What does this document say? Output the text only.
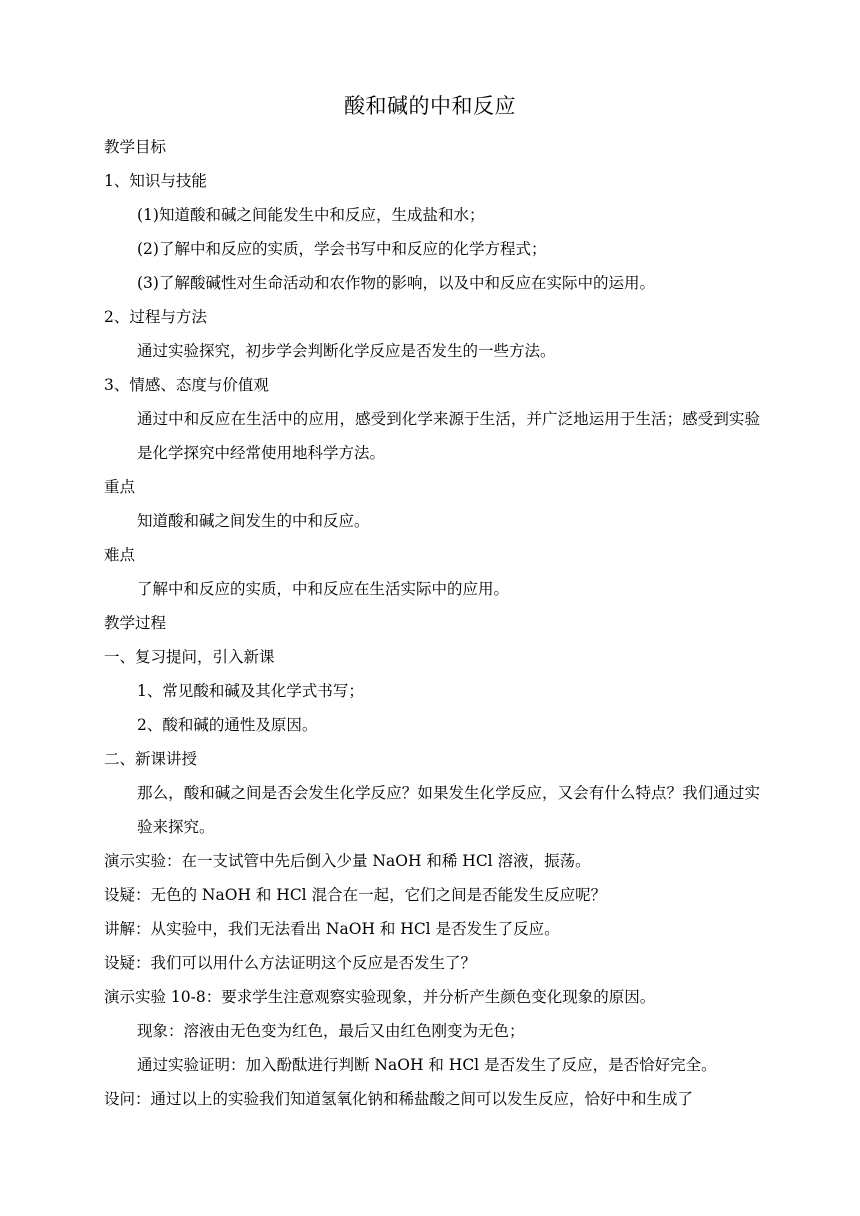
酸和碱的中和反应
教学目标
1、知识与技能
(1)知道酸和碱之间能发生中和反应，生成盐和水；
(2)了解中和反应的实质，学会书写中和反应的化学方程式；
(3)了解酸碱性对生命活动和农作物的影响，以及中和反应在实际中的运用。
2、过程与方法
通过实验探究，初步学会判断化学反应是否发生的一些方法。
3、情感、态度与价值观
通过中和反应在生活中的应用，感受到化学来源于生活，并广泛地运用于生活；感受到实验是化学探究中经常使用地科学方法。
重点
知道酸和碱之间发生的中和反应。
难点
了解中和反应的实质，中和反应在生活实际中的应用。
教学过程
一、复习提问，引入新课
1、常见酸和碱及其化学式书写；
2、酸和碱的通性及原因。
二、新课讲授
那么，酸和碱之间是否会发生化学反应？如果发生化学反应，又会有什么特点？我们通过实验来探究。
演示实验：在一支试管中先后倒入少量 NaOH 和稀 HCl 溶液，振荡。
设疑：无色的 NaOH 和 HCl 混合在一起，它们之间是否能发生反应呢？
讲解：从实验中，我们无法看出 NaOH 和 HCl 是否发生了反应。
设疑：我们可以用什么方法证明这个反应是否发生了？
演示实验 10-8：要求学生注意观察实验现象，并分析产生颜色变化现象的原因。
现象：溶液由无色变为红色，最后又由红色刚变为无色；
通过实验证明：加入酚酞进行判断 NaOH 和 HCl 是否发生了反应，是否恰好完全。
设问：通过以上的实验我们知道氢氧化钠和稀盐酸之间可以发生反应，恰好中和生成了
